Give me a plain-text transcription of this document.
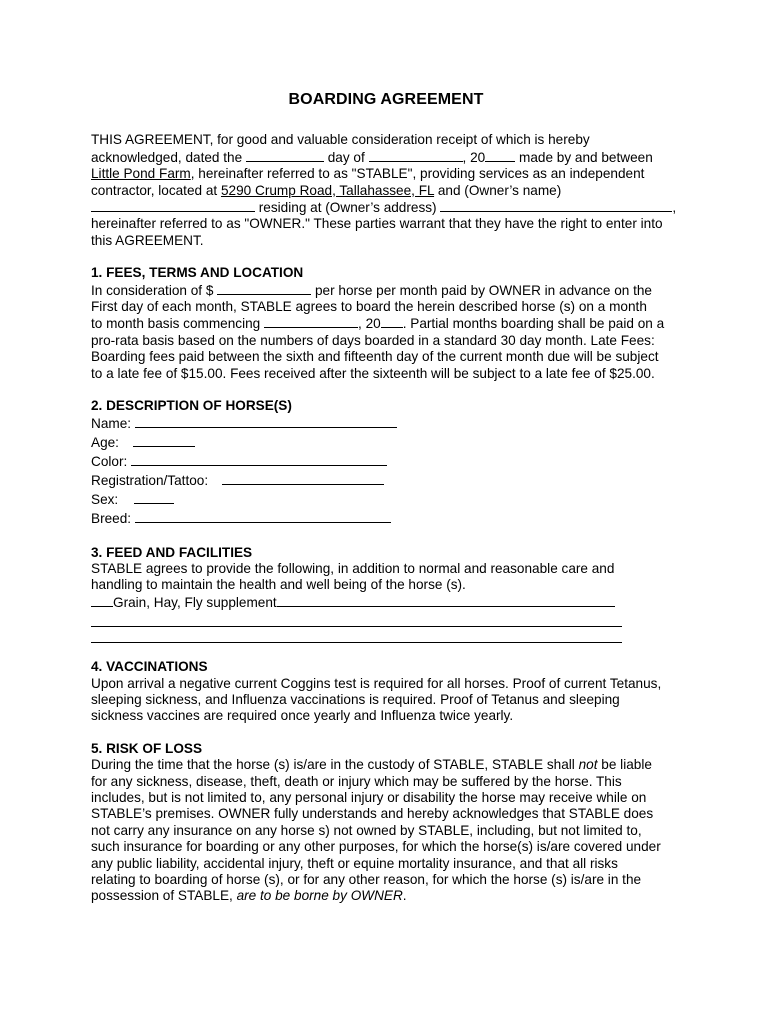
BOARDING AGREEMENT
THIS AGREEMENT, for good and valuable consideration receipt of which is hereby
acknowledged, dated the	day of	, 20 made by and between
Little Pond Farm, hereinafter referred to as "STABLE", providing services as an independent
contractor, located at 5290 Crump Road, Tallahassee, FL and (Owner’s name)
residing at (Owner’s address)	,
hereinafter referred to as "OWNER." These parties warrant that they have the right to enter into
this AGREEMENT.
1. FEES, TERMS AND LOCATION
In consideration of $	per horse per month paid by OWNER in advance on the
First day of each month, STABLE agrees to board the herein described horse (s) on a month
to month basis commencing	, 20 . Partial months boarding shall be paid on a
pro-rata basis based on the numbers of days boarded in a standard 30 day month. Late Fees:
Boarding fees paid between the sixth and fifteenth day of the current month due will be subject
to a late fee of $15.00. Fees received after the sixteenth will be subject to a late fee of $25.00.
2. DESCRIPTION OF HORSE(S)
Name:
Age:
Color:
Registration/Tattoo:
Sex:
Breed:
3. FEED AND FACILITIES
STABLE agrees to provide the following, in addition to normal and reasonable care and
handling to maintain the health and well being of the horse (s).
Grain, Hay, Fly supplement
4. VACCINATIONS
Upon arrival a negative current Coggins test is required for all horses. Proof of current Tetanus,
sleeping sickness, and Influenza vaccinations is required. Proof of Tetanus and sleeping
sickness vaccines are required once yearly and Influenza twice yearly.
5. RISK OF LOSS
During the time that the horse (s) is/are in the custody of STABLE, STABLE shall not be liable
for any sickness, disease, theft, death or injury which may be suffered by the horse. This
includes, but is not limited to, any personal injury or disability the horse may receive while on
STABLE’s premises. OWNER fully understands and hereby acknowledges that STABLE does
not carry any insurance on any horse s) not owned by STABLE, including, but not limited to,
such insurance for boarding or any other purposes, for which the horse(s) is/are covered under
any public liability, accidental injury, theft or equine mortality insurance, and that all risks
relating to boarding of horse (s), or for any other reason, for which the horse (s) is/are in the
possession of STABLE, are to be borne by OWNER.
